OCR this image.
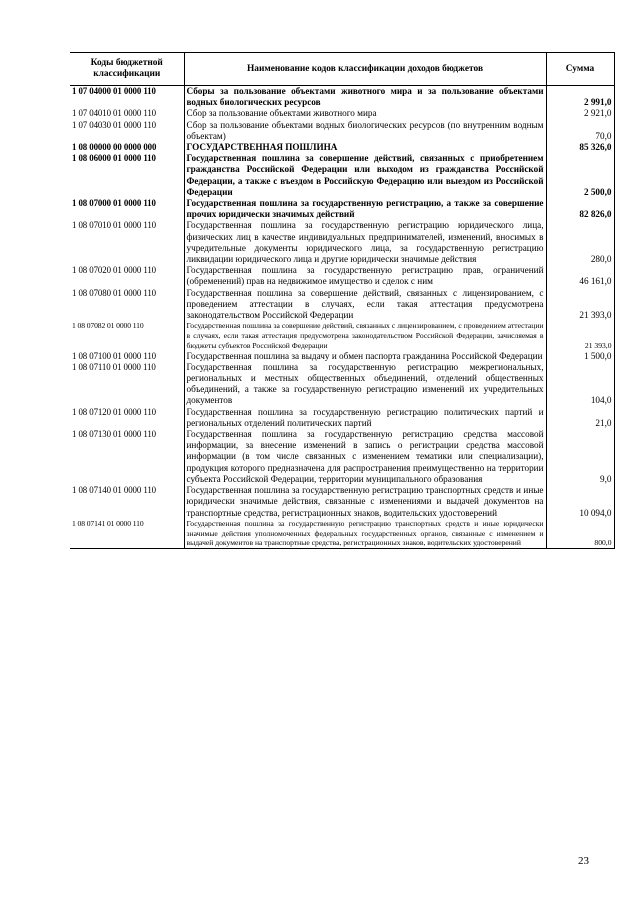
Коды бюджетной классификации	Наименование кодов классификации доходов бюджетов	Сумма
1 07 04000 01 0000 110	Сборы за пользование объектами животного мира и за пользование объектами водных биологических ресурсов	2 991,0
1 07 04010 01 0000 110	Сбор за пользование объектами животного мира	2 921,0
1 07 04030 01 0000 110	Сбор за пользование объектами водных биологических ресурсов (по внутренним водным объектам)	70,0
1 08 00000 00 0000 000	ГОСУДАРСТВЕННАЯ ПОШЛИНА	85 326,0
1 08 06000 01 0000 110	Государственная пошлина за совершение действий, связанных с приобретением гражданства Российской Федерации или выходом из гражданства Российской Федерации, а также с въездом в Российскую Федерацию или выездом из Российской Федерации	2 500,0
1 08 07000 01 0000 110	Государственная пошлина за государственную регистрацию, а также за совершение прочих юридически значимых действий	82 826,0
1 08 07010 01 0000 110	Государственная пошлина за государственную регистрацию юридического лица, физических лиц в качестве индивидуальных предпринимателей, изменений, вносимых в учредительные документы юридического лица, за государственную регистрацию ликвидации юридического лица и другие юридически значимые действия	280,0
1 08 07020 01 0000 110	Государственная пошлина за государственную регистрацию прав, ограничений (обременений) прав на недвижимое имущество и сделок с ним	46 161,0
1 08 07080 01 0000 110	Государственная пошлина за совершение действий, связанных с лицензированием, с проведением аттестации в случаях, если такая аттестация предусмотрена законодательством Российской Федерации	21 393,0
1 08 07082 01 0000 110	Государственная пошлина за совершение действий, связанных с лицензированием, с проведением аттестации в случаях, если такая аттестация предусмотрена законодательством Российской Федерации, зачисляемая в бюджеты субъектов Российской Федерации	21 393,0
1 08 07100 01 0000 110	Государственная пошлина за выдачу и обмен паспорта гражданина Российской Федерации	1 500,0
1 08 07110 01 0000 110	Государственная пошлина за государственную регистрацию межрегиональных, региональных и местных общественных объединений, отделений общественных объединений, а также за государственную регистрацию изменений их учредительных документов	104,0
1 08 07120 01 0000 110	Государственная пошлина за государственную регистрацию политических партий и региональных отделений политических партий	21,0
1 08 07130 01 0000 110	Государственная пошлина за государственную регистрацию средства массовой информации, за внесение изменений в запись о регистрации средства массовой информации (в том числе связанных с изменением тематики или специализации), продукция которого предназначена для распространения преимущественно на территории субъекта Российской Федерации, территории муниципального образования	9,0
1 08 07140 01 0000 110	Государственная пошлина за государственную регистрацию транспортных средств и иные юридически значимые действия, связанные с изменениями и выдачей документов на транспортные средства, регистрационных знаков, водительских удостоверений	10 094,0
1 08 07141 01 0000 110	Государственная пошлина за государственную регистрацию транспортных средств и иные юридически значимые действия уполномоченных федеральных государственных органов, связанные с изменением и выдачей документов на транспортные средства, регистрационных знаков, водительских удостоверений	800,0
23
